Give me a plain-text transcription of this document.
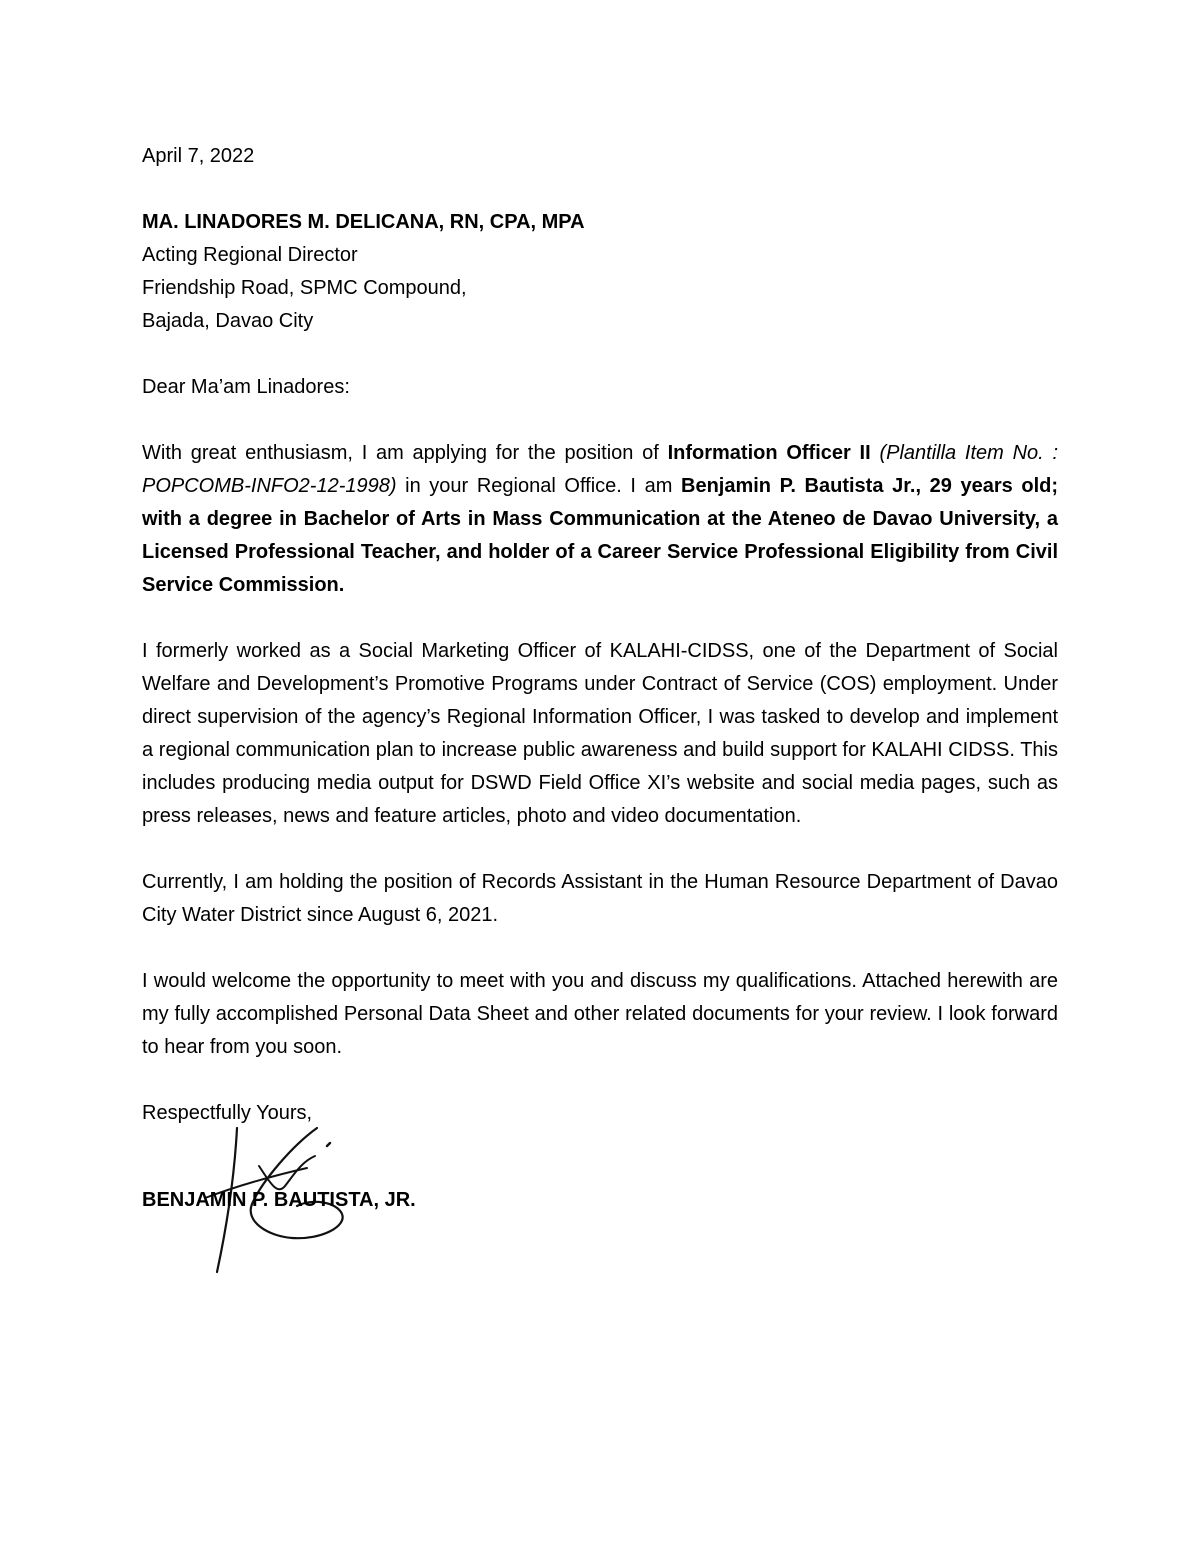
April 7, 2022
MA. LINADORES M. DELICANA, RN, CPA, MPA
Acting Regional Director
Friendship Road, SPMC Compound,
Bajada, Davao City
Dear Ma’am Linadores:

With great enthusiasm, I am applying for the position of Information Officer II (Plantilla Item No. : POPCOMB-INFO2-12-1998) in your Regional Office. I am Benjamin P. Bautista Jr., 29 years old; with a degree in Bachelor of Arts in Mass Communication at the Ateneo de Davao University, a Licensed Professional Teacher, and holder of a Career Service Professional Eligibility from Civil Service Commission.

I formerly worked as a Social Marketing Officer of KALAHI-CIDSS, one of the Department of Social Welfare and Development’s Promotive Programs under Contract of Service (COS) employment. Under direct supervision of the agency’s Regional Information Officer, I was tasked to develop and implement a regional communication plan to increase public awareness and build support for KALAHI CIDSS. This includes producing media output for DSWD Field Office XI’s website and social media pages, such as press releases, news and feature articles, photo and video documentation.

Currently, I am holding the position of Records Assistant in the Human Resource Department of Davao City Water District since August 6, 2021.

I would welcome the opportunity to meet with you and discuss my qualifications. Attached herewith are my fully accomplished Personal Data Sheet and other related documents for your review. I look forward to hear from you soon.

Respectfully Yours,
BENJAMIN P. BAUTISTA, JR.
